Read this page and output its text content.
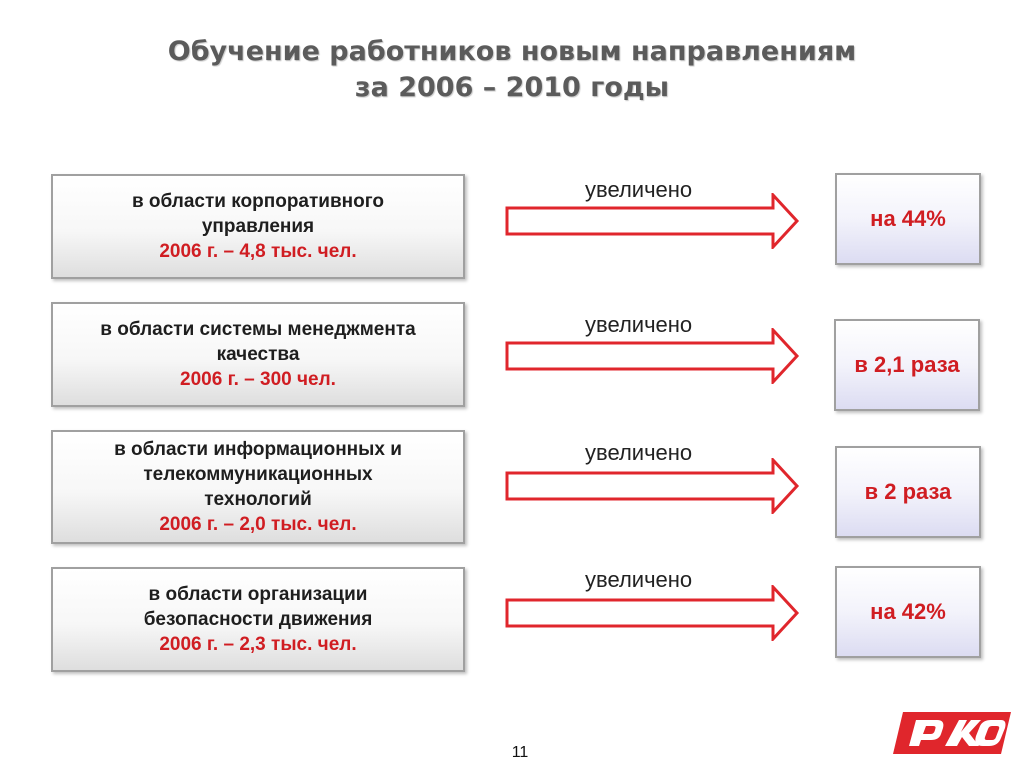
Обучение работников новым направлениям
за 2006 – 2010 годы
в области корпоративного
управления
2006 г. – 4,8 тыс. чел.
увеличено
на 44%
в области системы менеджмента
качества
2006 г. – 300 чел.
увеличено
в 2,1 раза
в области информационных и
телекоммуникационных
технологий
2006 г. – 2,0 тыс. чел.
увеличено
в 2 раза
в области организации
безопасности движения
2006 г. – 2,3 тыс. чел.
увеличено
на 42%
11
